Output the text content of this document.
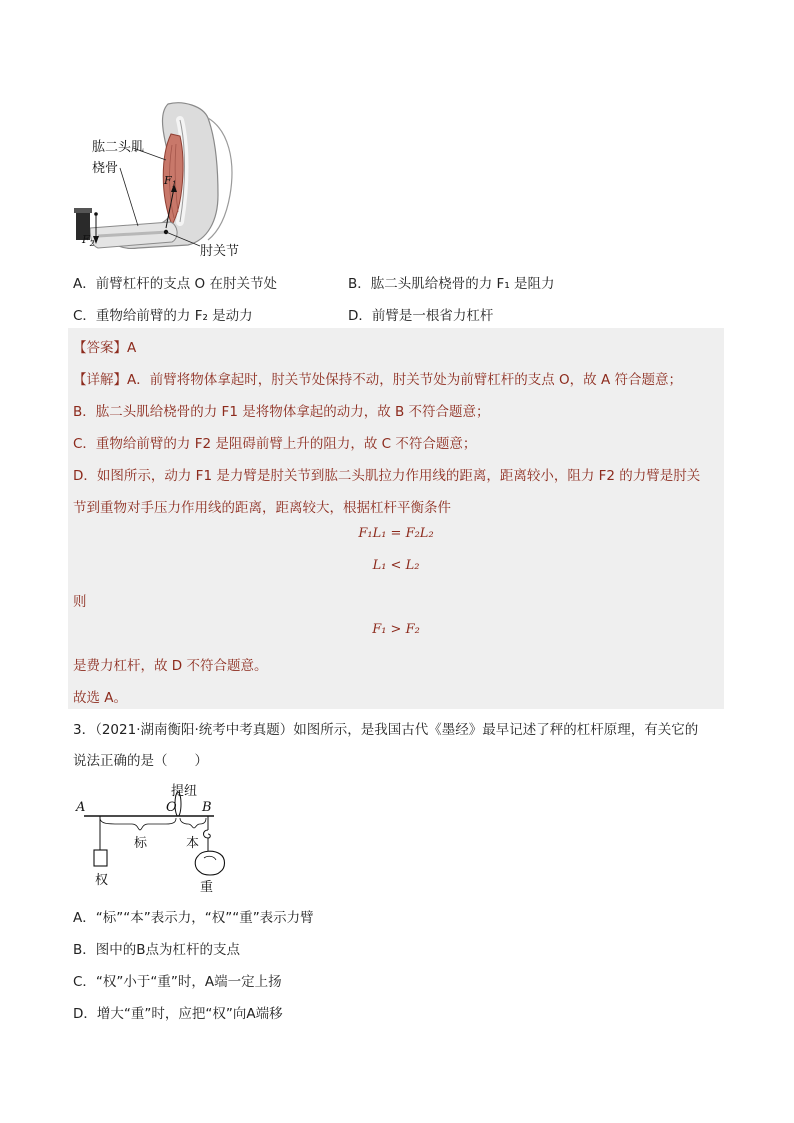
肱二头肌
桡骨
肘关节
$F_1$
$F_2$
A．前臂杠杆的支点 O 在肘关节处	B．肱二头肌给桡骨的力 F₁ 是阻力
C．重物给前臂的力 F₂ 是动力	D．前臂是一根省力杠杆
【答案】A
【详解】A．前臂将物体拿起时，肘关节处保持不动，肘关节处为前臂杠杆的支点 O，故 A 符合题意；
B．肱二头肌给桡骨的力 F1 是将物体拿起的动力，故 B 不符合题意；
C．重物给前臂的力 F2 是阻碍前臂上升的阻力，故 C 不符合题意；
D．如图所示，动力 F1 是力臂是肘关节到肱二头肌拉力作用线的距离，距离较小，阻力 F2 的力臂是肘关
节到重物对手压力作用线的距离，距离较大，根据杠杆平衡条件
F₁L₁ = F₂L₂
L₁ < L₂
则
F₁ > F₂
是费力杠杆，故 D 不符合题意。
故选 A。
3．（2021·湖南衡阳·统考中考真题）如图所示，是我国古代《墨经》最早记述了秤的杠杆原理，有关它的
说法正确的是（　　）
A	O B
提纽
标	本
权	重
A．“标”“本”表示力，“权”“重”表示力臂
B．图中的B点为杠杆的支点
C．“权”小于“重”时，A端一定上扬
D．增大“重”时，应把“权”向A端移
